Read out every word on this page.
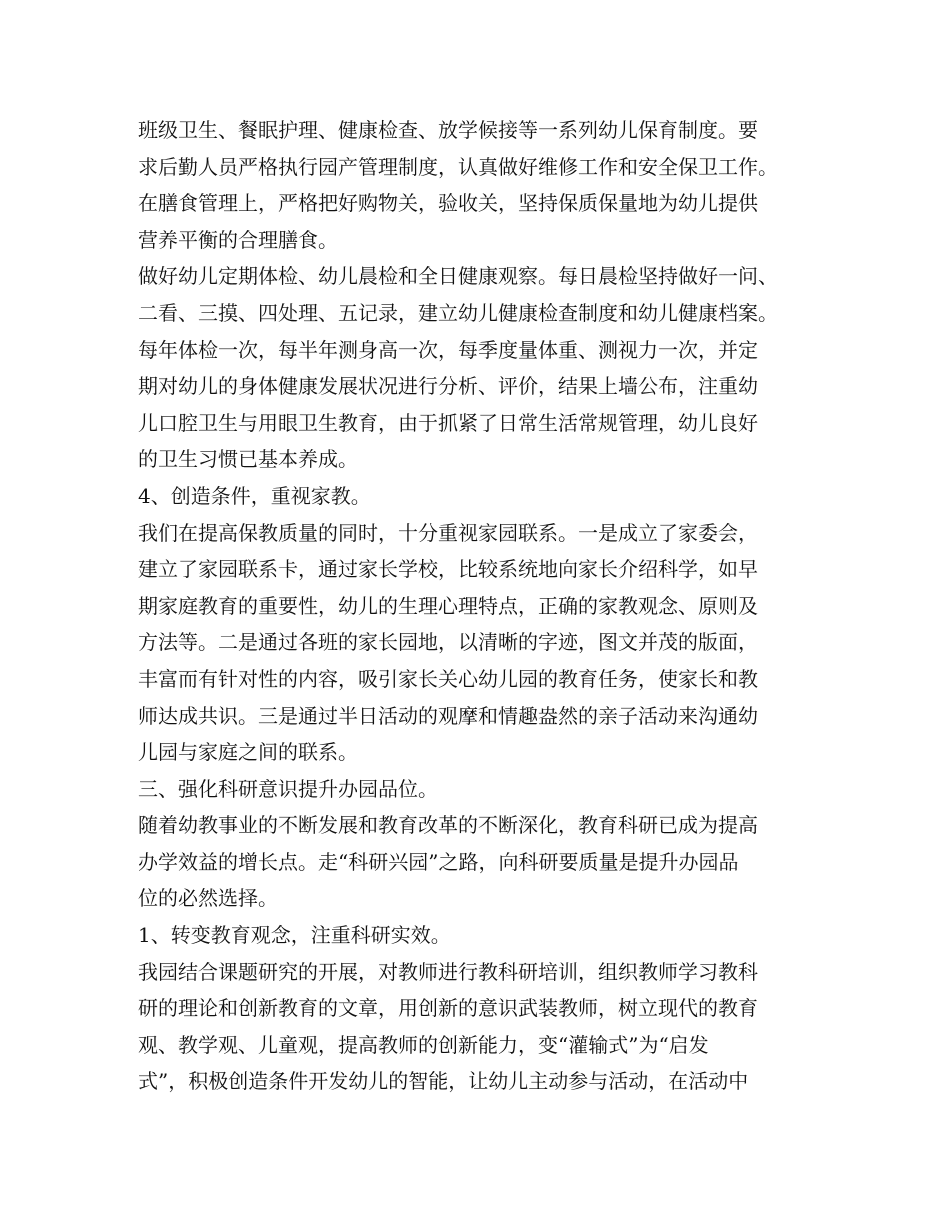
班级卫生、餐眠护理、健康检查、放学候接等一系列幼儿保育制度。要

求后勤人员严格执行园产管理制度，认真做好维修工作和安全保卫工作。

在膳食管理上，严格把好购物关，验收关，坚持保质保量地为幼儿提供

营养平衡的合理膳食。

做好幼儿定期体检、幼儿晨检和全日健康观察。每日晨检坚持做好一问、

二看、三摸、四处理、五记录，建立幼儿健康检查制度和幼儿健康档案。

每年体检一次，每半年测身高一次，每季度量体重、测视力一次，并定

期对幼儿的身体健康发展状况进行分析、评价，结果上墙公布，注重幼

儿口腔卫生与用眼卫生教育，由于抓紧了日常生活常规管理，幼儿良好

的卫生习惯已基本养成。

4、创造条件，重视家教。

我们在提高保教质量的同时，十分重视家园联系。一是成立了家委会，

建立了家园联系卡，通过家长学校，比较系统地向家长介绍科学，如早

期家庭教育的重要性，幼儿的生理心理特点，正确的家教观念、原则及

方法等。二是通过各班的家长园地，以清晰的字迹，图文并茂的版面，

丰富而有针对性的内容，吸引家长关心幼儿园的教育任务，使家长和教

师达成共识。三是通过半日活动的观摩和情趣盎然的亲子活动来沟通幼

儿园与家庭之间的联系。

三、强化科研意识提升办园品位。

随着幼教事业的不断发展和教育改革的不断深化，教育科研已成为提高

办学效益的增长点。走“科研兴园”之路，向科研要质量是提升办园品

位的必然选择。

1、转变教育观念，注重科研实效。

我园结合课题研究的开展，对教师进行教科研培训，组织教师学习教科

研的理论和创新教育的文章，用创新的意识武装教师，树立现代的教育

观、教学观、儿童观，提高教师的创新能力，变“灌输式”为“启发

式”，积极创造条件开发幼儿的智能，让幼儿主动参与活动，在活动中
